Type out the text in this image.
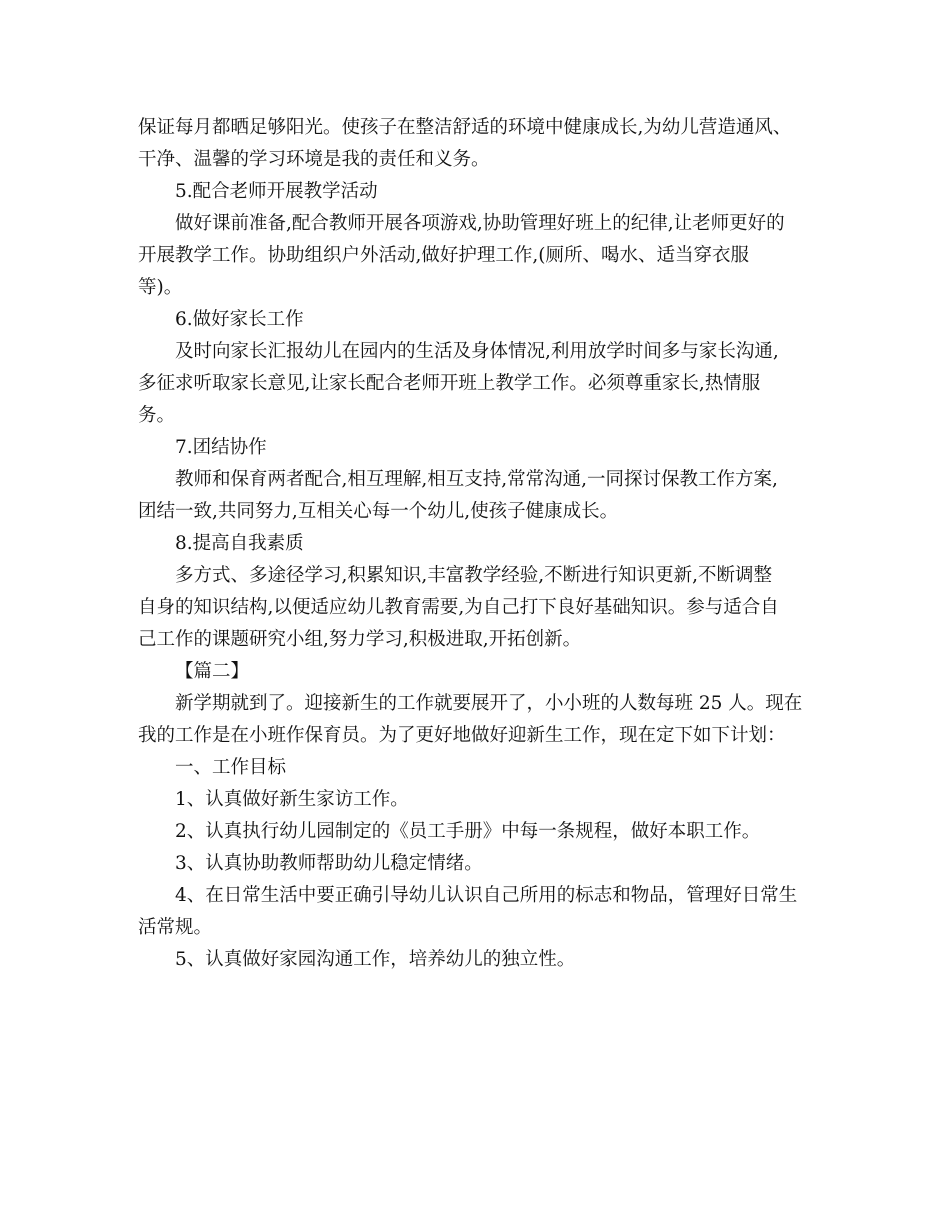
保证每月都晒足够阳光。使孩子在整洁舒适的环境中健康成长,为幼儿营造通风、
干净、温馨的学习环境是我的责任和义务。
5.配合老师开展教学活动
做好课前准备,配合教师开展各项游戏,协助管理好班上的纪律,让老师更好的
开展教学工作。协助组织户外活动,做好护理工作,(厕所、喝水、适当穿衣服
等)。
6.做好家长工作
及时向家长汇报幼儿在园内的生活及身体情况,利用放学时间多与家长沟通,
多征求听取家长意见,让家长配合老师开班上教学工作。必须尊重家长,热情服
务。
7.团结协作
教师和保育两者配合,相互理解,相互支持,常常沟通,一同探讨保教工作方案,
团结一致,共同努力,互相关心每一个幼儿,使孩子健康成长。
8.提高自我素质
多方式、多途径学习,积累知识,丰富教学经验,不断进行知识更新,不断调整
自身的知识结构,以便适应幼儿教育需要,为自己打下良好基础知识。参与适合自
己工作的课题研究小组,努力学习,积极进取,开拓创新。
【篇二】
新学期就到了。迎接新生的工作就要展开了，小小班的人数每班 25 人。现在
我的工作是在小班作保育员。为了更好地做好迎新生工作，现在定下如下计划：
一、工作目标
1、认真做好新生家访工作。
2、认真执行幼儿园制定的《员工手册》中每一条规程，做好本职工作。
3、认真协助教师帮助幼儿稳定情绪。
4、在日常生活中要正确引导幼儿认识自己所用的标志和物品，管理好日常生
活常规。
5、认真做好家园沟通工作，培养幼儿的独立性。
